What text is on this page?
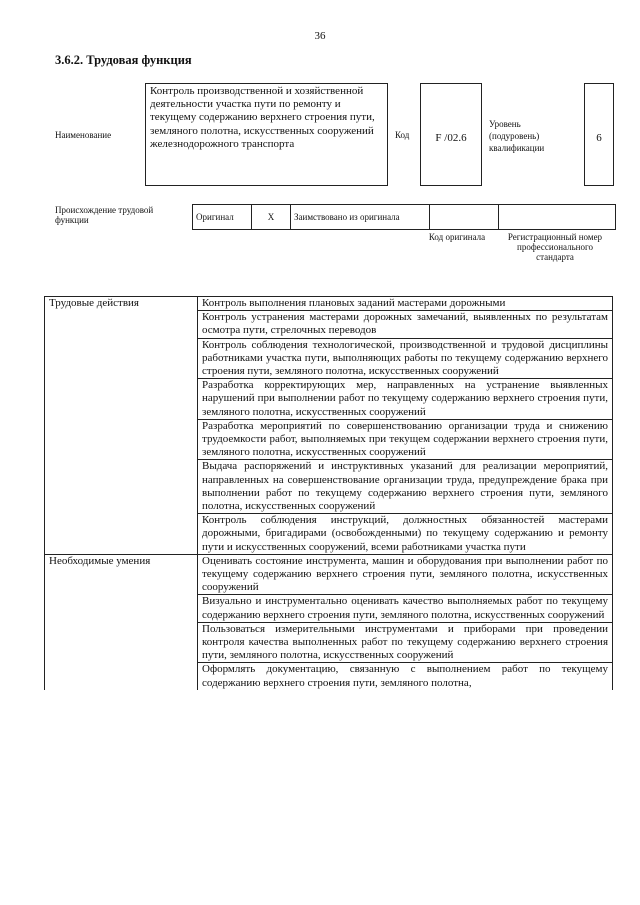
36
3.6.2. Трудовая функция
Наименование
Контроль производственной и хозяйственной деятельности участка пути по ремонту и текущему содержанию верхнего строения пути, земляного полотна, искусственных сооружений железнодорожного транспорта
Код	F /02.6
Уровень (подуровень) квалификации
6
Происхождение трудовой функции	Оригинал	X	Заимствовано из оригинала		
Код оригинала	Регистрационный номер профессионального стандарта
Трудовые действия	Контроль выполнения плановых заданий мастерами дорожными
	Контроль устранения мастерами дорожных замечаний, выявленных по результатам осмотра пути, стрелочных переводов
	Контроль соблюдения технологической, производственной и трудовой дисциплины работниками участка пути, выполняющих работы по текущему содержанию верхнего строения пути, земляного полотна, искусственных сооружений
	Разработка корректирующих мер, направленных на устранение выявленных нарушений при выполнении работ по текущему содержанию верхнего строения пути, земляного полотна, искусственных сооружений
	Разработка мероприятий по совершенствованию организации труда и снижению трудоемкости работ, выполняемых при текущем содержании верхнего строения пути, земляного полотна, искусственных сооружений
	Выдача распоряжений и инструктивных указаний для реализации мероприятий, направленных на совершенствование организации труда, предупреждение брака при выполнении работ по текущему содержанию верхнего строения пути, земляного полотна, искусственных сооружений
	Контроль соблюдения инструкций, должностных обязанностей мастерами дорожными, бригадирами (освобожденными) по текущему содержанию и ремонту пути и искусственных сооружений, всеми работниками участка пути
Необходимые умения	Оценивать состояние инструмента, машин и оборудования при выполнении работ по текущему содержанию верхнего строения пути, земляного полотна, искусственных сооружений
	Визуально и инструментально оценивать качество выполняемых работ по текущему содержанию верхнего строения пути, земляного полотна, искусственных сооружений
	Пользоваться измерительными инструментами и приборами при проведении контроля качества выполненных работ по текущему содержанию верхнего строения пути, земляного полотна, искусственных сооружений
	Оформлять документацию, связанную с выполнением работ по текущему содержанию верхнего строения пути, земляного полотна,
